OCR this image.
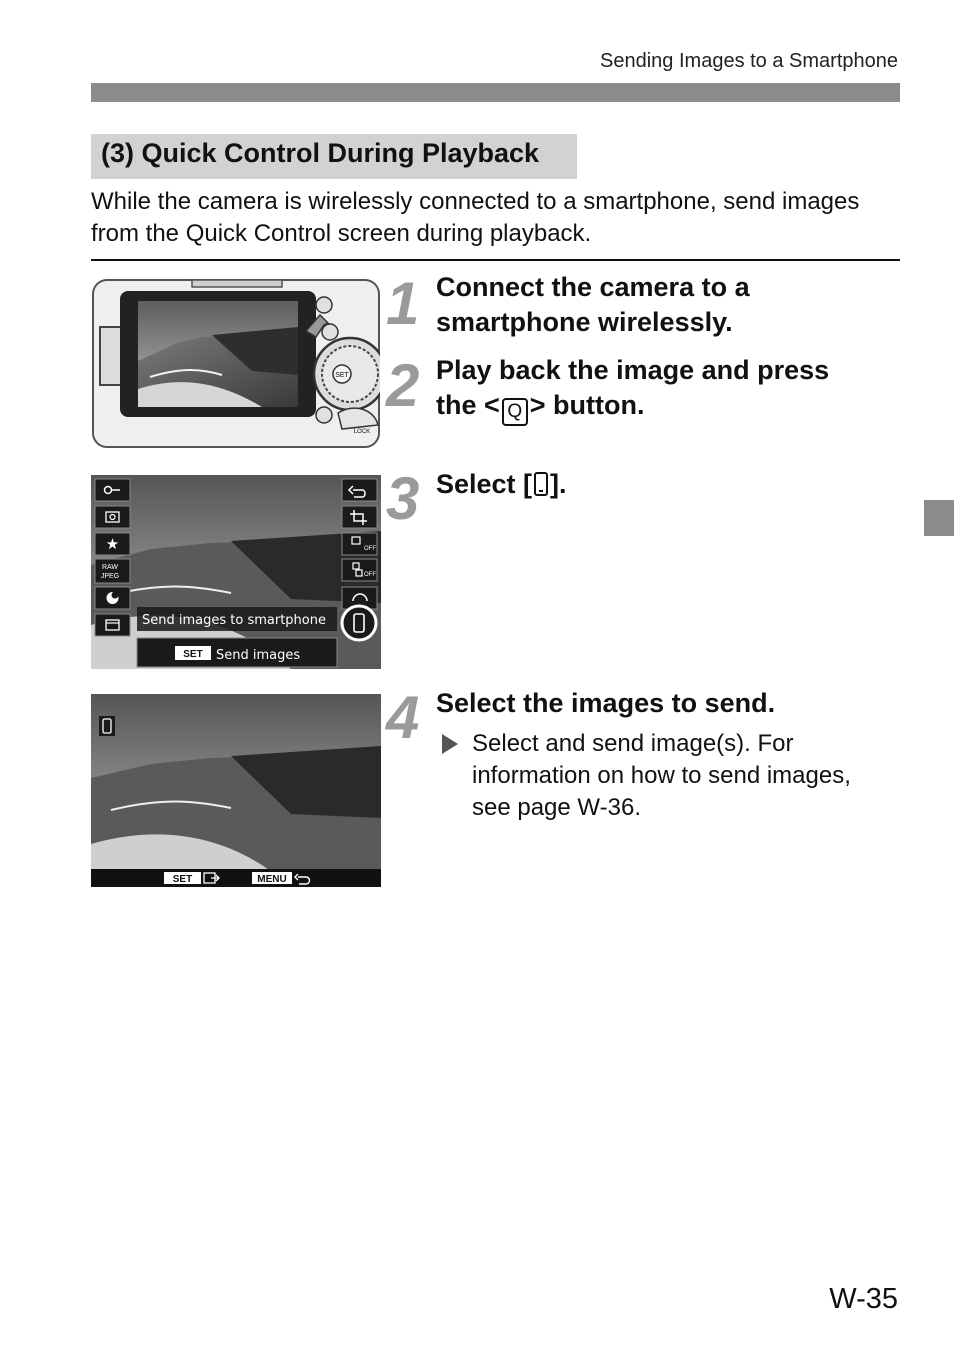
Sending Images to a Smartphone
(3) Quick Control During Playback

While the camera is wirelessly connected to a smartphone, send images from the Quick Control screen during playback.

SET
LOCK
★
RAW
JPEG
OFF
OFF
Send images to smartphone
SET Send images
SET	MENU
1
2
3
4
Connect the camera to a smartphone wirelessly.
Play back the image and press the < Q > button.
Select [ ].
Select the images to send.
Select and send image(s). For information on how to send images, see page W-36.
W-35
